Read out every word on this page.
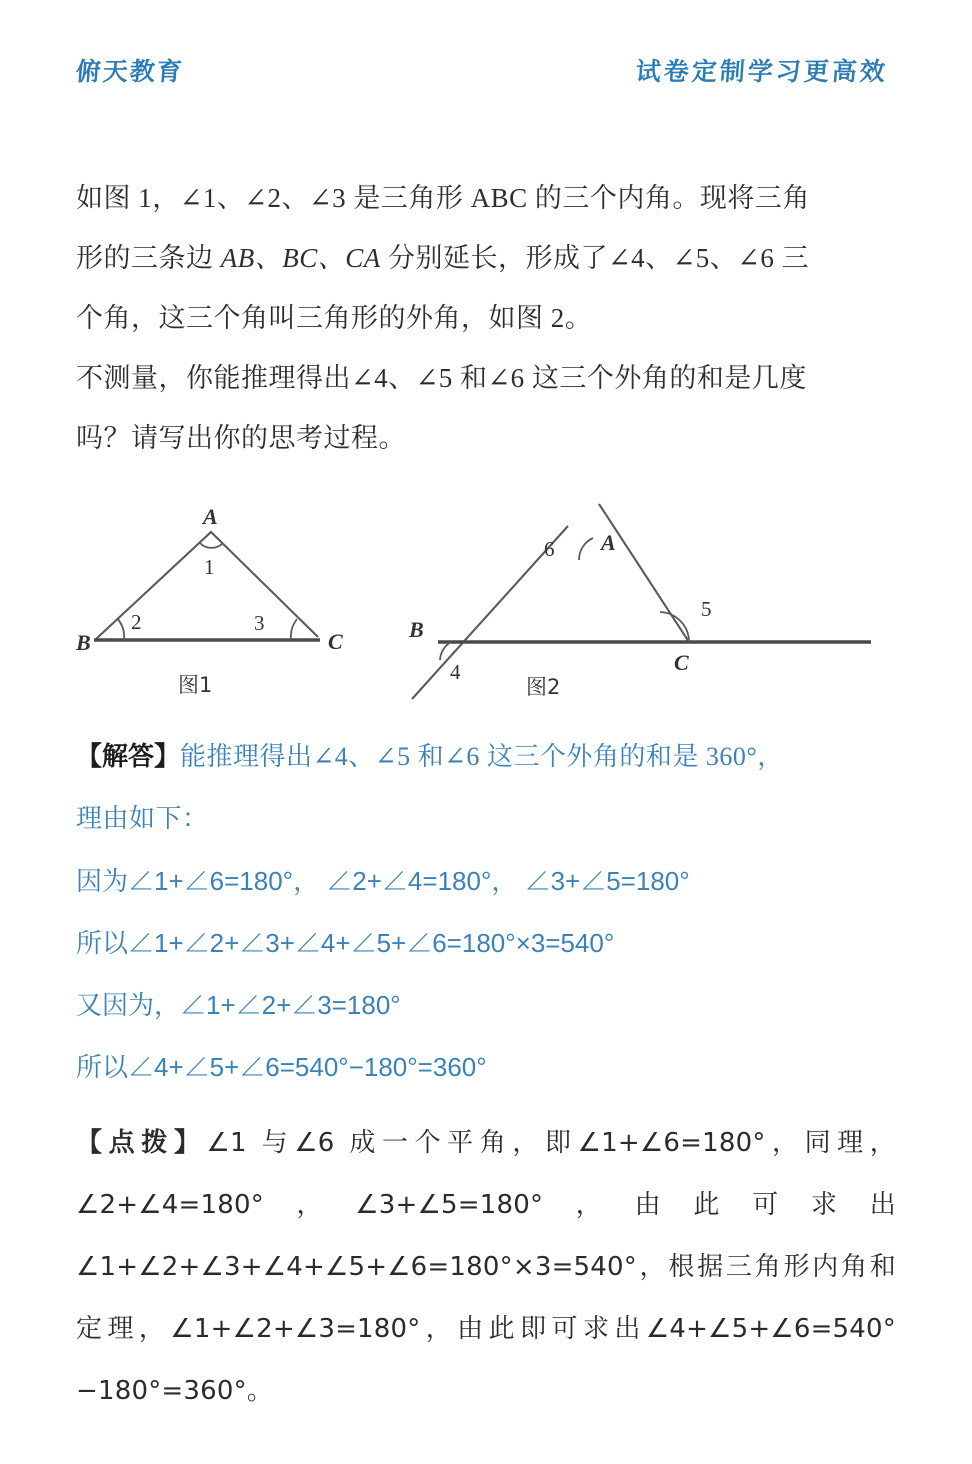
俯天教育	试卷定制学习更高效
如图 1，∠1、∠2、∠3 是三角形 ABC 的三个内角。现将三角
形的三条边 AB、BC、CA 分别延长，形成了∠4、∠5、∠6 三
个角，这三个角叫三角形的外角，如图 2。
不测量，你能推理得出∠4、∠5 和∠6 这三个外角的和是几度
吗？请写出你的思考过程。
A
B	C
1
2	3
图1
A
B
C
6
4
5
图2
【解答】能推理得出∠4、∠5 和∠6 这三个外角的和是 360°，
理由如下：
因为∠1+∠6=180°， ∠2+∠4=180°， ∠3+∠5=180°
所以∠1+∠2+∠3+∠4+∠5+∠6=180°×3=540°
又因为，∠1+∠2+∠3=180°
所以∠4+∠5+∠6=540°−180°=360°
【点拨】∠1 与∠6 成一个平角，即∠1+∠6=180°，同理，∠2+∠4=180°，∠3+∠5=180°，由此可求出∠1+∠2+∠3+∠4+∠5+∠6=180°×3=540°，根据三角形内角和定理，∠1+∠2+∠3=180°，由此即可求出∠4+∠5+∠6=540°−180°=360°。
